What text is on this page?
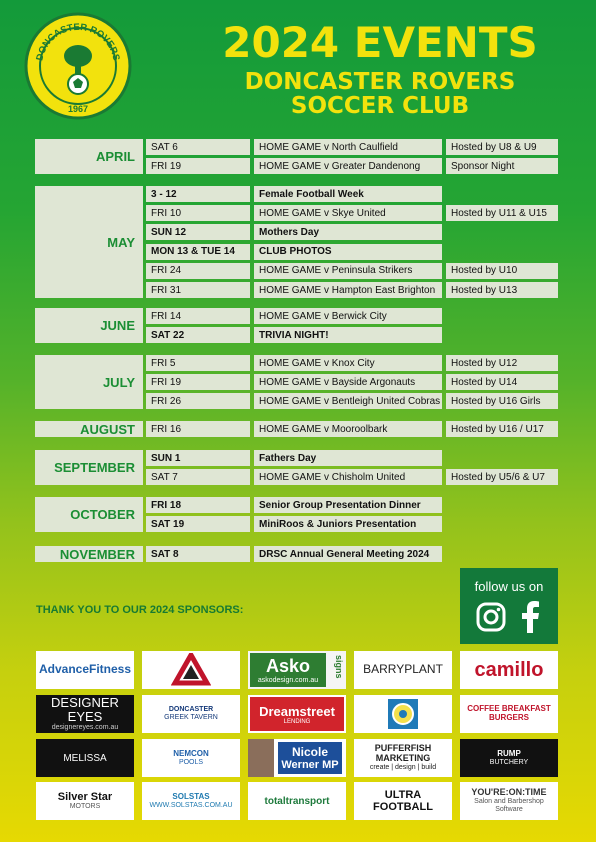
DONCASTER ROVERS
1967
2024 EVENTS
DONCASTER ROVERS
SOCCER CLUB
APRIL
SAT 6	HOME GAME v North Caulfield	Hosted by U8 & U9
FRI 19	HOME GAME v Greater Dandenong	Sponsor Night
MAY
3 - 12	Female Football Week
FRI 10	HOME GAME v Skye United	Hosted by U11 & U15
SUN 12	Mothers Day
MON 13 & TUE 14	CLUB PHOTOS
FRI 24	HOME GAME v Peninsula Strikers	Hosted by U10
FRI 31	HOME GAME v Hampton East Brighton	Hosted by U13
JUNE
FRI 14	HOME GAME v Berwick City
SAT 22	TRIVIA NIGHT!
JULY
FRI 5	HOME GAME v Knox City	Hosted by U12
FRI 19	HOME GAME v Bayside Argonauts	Hosted by U14
FRI 26	HOME GAME v Bentleigh United Cobras	Hosted by U16 Girls
AUGUST	FRI 16	HOME GAME v Mooroolbark	Hosted by U16 / U17
SEPTEMBER
SUN 1	Fathers Day
SAT 7	HOME GAME v Chisholm United	Hosted by U5/6 & U7
OCTOBER
FRI 18	Senior Group Presentation Dinner
SAT 19	MiniRoos & Juniors Presentation
NOVEMBER	SAT 8	DRSC Annual General Meeting 2024
THANK YOU TO OUR 2024 SPONSORS:
follow us on
AdvanceFitness	Asko
askodesign.com.au
signs BARRYPLANT camillo
DESIGNER EYES
designereyes.com.au
DONCASTER
GREEK TAVERN	Dreamstreet
LENDING
COFFEE BREAKFAST BURGERS
MELISSA	NEMCON
POOLS
Nicole
Werner MP
PUFFERFISH MARKETING
create | design | build
RUMP
BUTCHERY
Silver Star
MOTORS
SOLSTAS
WWW.SOLSTAS.COM.AU	totaltransport
ULTRA FOOTBALL
YOU'RE:ON:TIME
Salon and Barbershop Software
